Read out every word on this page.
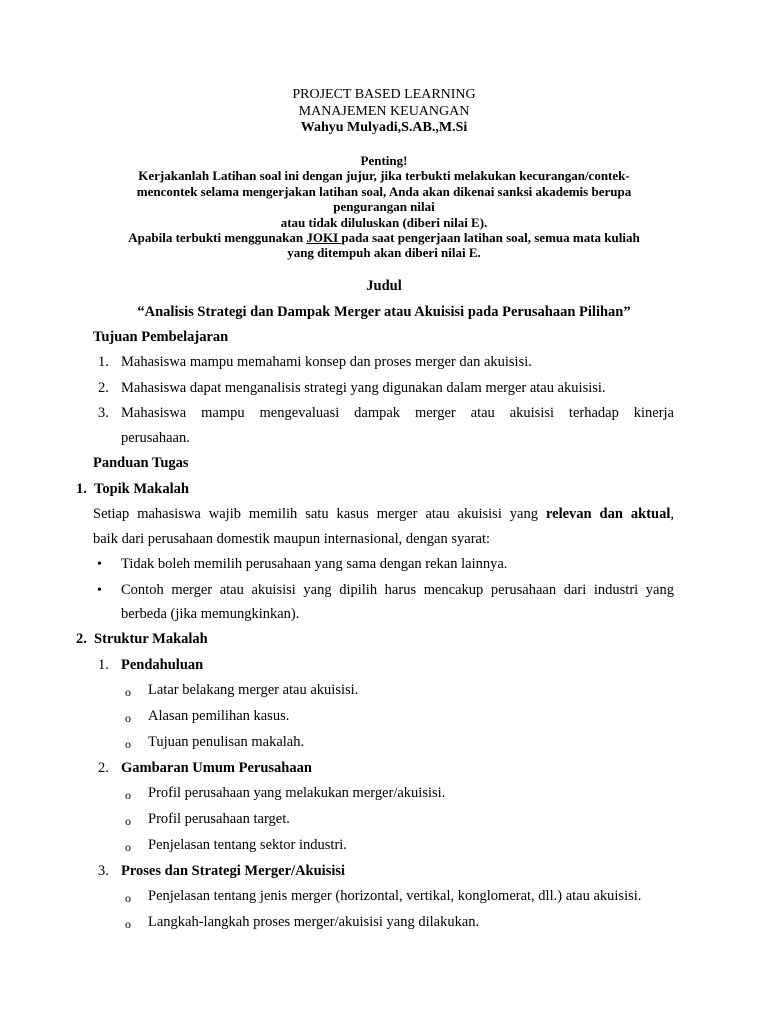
PROJECT BASED LEARNING
MANAJEMEN KEUANGAN
Wahyu Mulyadi,S.AB.,M.Si
Penting!
Kerjakanlah Latihan soal ini dengan jujur, jika terbukti melakukan kecurangan/contek-
mencontek selama mengerjakan latihan soal, Anda akan dikenai sanksi akademis berupa
pengurangan nilai
atau tidak diluluskan (diberi nilai E).
Apabila terbukti menggunakan JOKI pada saat pengerjaan latihan soal, semua mata kuliah
yang ditempuh akan diberi nilai E.
Judul
“Analisis Strategi dan Dampak Merger atau Akuisisi pada Perusahaan Pilihan”
Tujuan Pembelajaran
1. Mahasiswa mampu memahami konsep dan proses merger dan akuisisi.
2. Mahasiswa dapat menganalisis strategi yang digunakan dalam merger atau akuisisi.
3. Mahasiswa mampu mengevaluasi dampak merger atau akuisisi terhadap kinerja
perusahaan.
Panduan Tugas
1. Topik Makalah
Setiap mahasiswa wajib memilih satu kasus merger atau akuisisi yang relevan dan aktual,
baik dari perusahaan domestik maupun internasional, dengan syarat:
• Tidak boleh memilih perusahaan yang sama dengan rekan lainnya.
• Contoh merger atau akuisisi yang dipilih harus mencakup perusahaan dari industri yang
berbeda (jika memungkinkan).
2. Struktur Makalah
1. Pendahuluan
o Latar belakang merger atau akuisisi.
o Alasan pemilihan kasus.
o Tujuan penulisan makalah.
2. Gambaran Umum Perusahaan
o Profil perusahaan yang melakukan merger/akuisisi.
o Profil perusahaan target.
o Penjelasan tentang sektor industri.
3. Proses dan Strategi Merger/Akuisisi
o Penjelasan tentang jenis merger (horizontal, vertikal, konglomerat, dll.) atau akuisisi.
o Langkah-langkah proses merger/akuisisi yang dilakukan.
